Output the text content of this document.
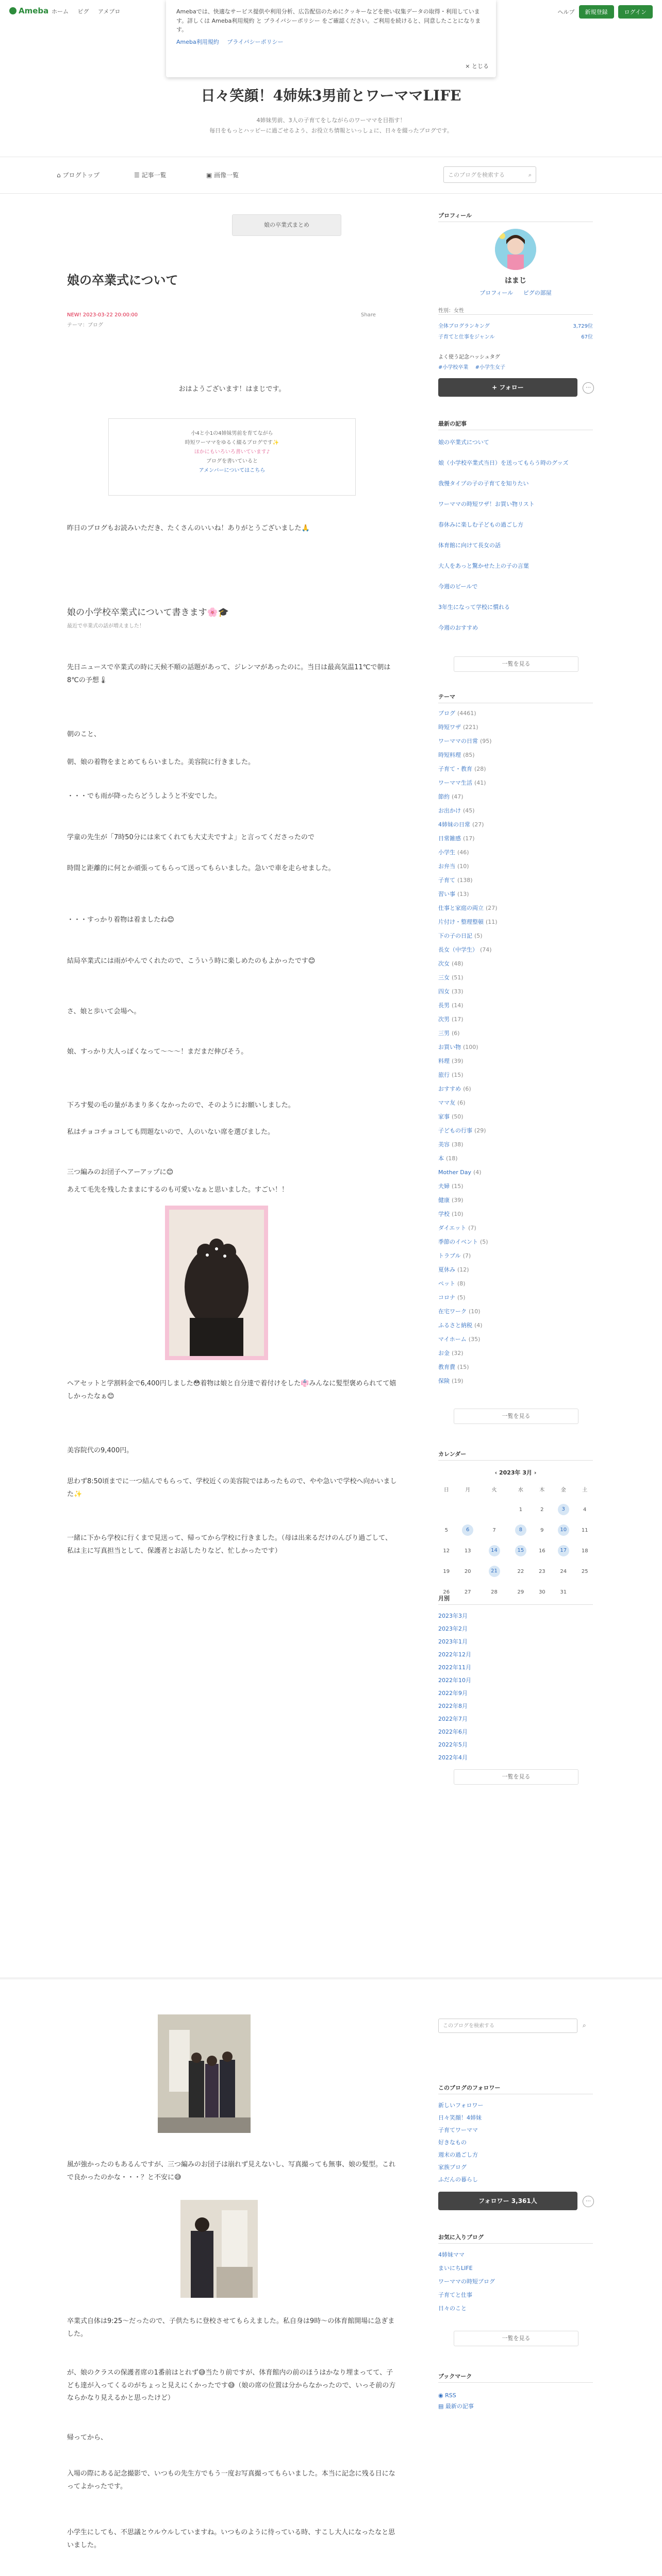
Ameba ホーム ピグ アメブロ	ヘルプ	新規登録	ログイン
日々笑顔！4姉妹3男前とワーママLIFE
4姉妹男前、3人の子育てをしながらのワーママを目指す！
毎日をもっとハッピーに過ごせるよう、お役立ち情報といっしょに、日々を綴ったブログです。
Amebaでは、快適なサービス提供や利用分析、広告配信のためにクッキーなどを使い収集データの取得・利用しています。詳しくは Ameba利用規約 と プライバシーポリシー をご確認ください。ご利用を続けると、同意したことになります。
Ameba利用規約 プライバシーポリシー
× とじる
⌂ ブログトップ	☰ 記事一覧	▣ 画像一覧	このブログを検索する	⌕
娘の卒業式まとめ
娘の卒業式について
NEW! 2023-03-22 20:00:00	Share
テーマ：ブログ
おはようございます！はまじです。
小4と小1の4姉妹男前を育てながら
時短ワーママをゆるく綴るブログです✨
ほかにもいろいろ書いています♪
ブログを書いていると
アメンバーについてはこちら
昨日のブログもお読みいただき、たくさんのいいね！ありがとうございました🙏
娘の小学校卒業式について書きます🌸🎓
最近で卒業式の話が増えました！
先日ニュースで卒業式の時に天候不順の話題があって、ジレンマがあったのに。当日は最高気温11℃で朝は8℃の予想🌡
朝のこと、
朝、娘の着物をまとめてもらいました。美容院に行きました。
・・・でも雨が降ったらどうしようと不安でした。
学童の先生が「7時50分には来てくれても大丈夫ですよ」と言ってくださったので
時間と距離的に何とか頑張ってもらって送ってもらいました。急いで車を走らせました。
・・・すっかり着物は着ましたね😊
結局卒業式には雨がやんでくれたので、こういう時に楽しめたのもよかったです😊
さ、娘と歩いて会場へ。
娘、すっかり大人っぽくなって〜〜〜！まだまだ伸びそう。
下ろす髪の毛の量があまり多くなかったので、そのようにお願いしました。
私はチョコチョコしても問題ないので、人のいない席を選びました。
三つ編みのお団子ヘアーアップに😊
あえて毛先を残したままにするのも可愛いなぁと思いました。すごい！！
ヘアセットと学割料金で6,400円しました😳着物は娘と自分達で着付けをした👘みんなに髪型褒められてて嬉しかったなぁ😊
美容院代の9,400円。
思わず8:50頃までに一つ結んでもらって、学校近くの美容院ではあったもので、やや急いで学校へ向かいました✨
一緒に下から学校に行くまで見送って、帰ってから学校に行きました。（母は出来るだけのんびり過ごして、私は主に写真担当として、保護者とお話したりなど、忙しかったです）
風が強かったのもあるんですが、三つ編みのお団子は崩れず見えないし、写真撮っても無事、娘の髪型。これで良かったのかな・・・？と不安に😅
卒業式自体は9:25〜だったので、子供たちに登校させてもらえました。私自身は9時〜の体育館開場に急ぎました。
が、娘のクラスの保護者席の1番前はとれず😅当たり前ですが、体育館内の前のほうはかなり埋まってて、子ども達が入ってくるのがちょっと見えにくかったです😅（娘の席の位置は分からなかったので、いっそ前の方ならかなり見えるかと思ったけど）
帰ってから、
入場の際にある記念撮影で、いつもの先生方でもう一度お写真撮ってもらいました。本当に記念に残る日になってよかったです。
小学生にしても、不思議とウルウルしていますね。いつものように待っている時、すこし大人になったなと思いました。
プロフィール
はまじ
プロフィール ピグの部屋
性別：女性
全体ブログランキング	3,729位
子育てと仕事をジャンル	67位
よく使う記念ハッシュタグ
#小学校卒業 #小学生女子
+ フォロー	⋯
最新の記事
娘の卒業式について
娘（小学校卒業式当日）を送ってもらう時のグッズ
我慢タイプの子の子育てを知りたい
ワーママの時短ワザ！お買い物リスト
春休みに楽しむ子どもの過ごし方
体育館に向けて長女の話
大人をあっと驚かせた上の子の言葉
今週のビールで
3年生になって学校に慣れる
今週のおすすめ
一覧を見る
テーマ
ブログ (4461)
時短ワザ (221)
ワーママの日常 (95)
時短料理 (85)
子育て・教育 (28)
ワーママ生活 (41)
節約 (47)
お出かけ (45)
4姉妹の日常 (27)
日常雑感 (17)
小学生 (46)
お弁当 (10)
子育て (138)
習い事 (13)
仕事と家庭の両立 (27)
片付け・整理整頓 (11)
下の子の日記 (5)
長女（中学生） (74)
次女 (48)
三女 (51)
四女 (33)
長男 (14)
次男 (17)
三男 (6)
お買い物 (100)
料理 (39)
旅行 (15)
おすすめ (6)
ママ友 (6)
家事 (50)
子どもの行事 (29)
美容 (38)
本 (18)
Mother Day (4)
夫婦 (15)
健康 (39)
学校 (10)
ダイエット (7)
季節のイベント (5)
トラブル (7)
夏休み (12)
ペット (8)
コロナ (5)
在宅ワーク (10)
ふるさと納税 (4)
マイホーム (35)
お金 (32)
教育費 (15)
保険 (19)
一覧を見る
カレンダー
‹ 2023年 3月 ›
日	月	火	水	木	金	土
			1	2	3	4
5	6	7	8	9	10	11
12	13	14	15	16	17	18
19	20	21	22	23	24	25
26	27	28	29	30	31	
月別
2023年3月
2023年2月
2023年1月
2022年12月
2022年11月
2022年10月
2022年9月
2022年8月
2022年7月
2022年6月
2022年5月
2022年4月
一覧を見る
このブログを検索する	⌕
このブログのフォロワー
新しいフォロワー
日々笑顔！4姉妹
子育てワーママ
好きなもの
週末の過ごし方
家族ブログ
ふだんの暮らし
フォロワー 3,361人	⋯
お気に入りブログ
4姉妹ママ
まいにちLIFE
ワーママの時短ブログ
子育てと仕事
日々のこと
一覧を見る
ブックマーク
◉ RSS
▤ 最新の記事
